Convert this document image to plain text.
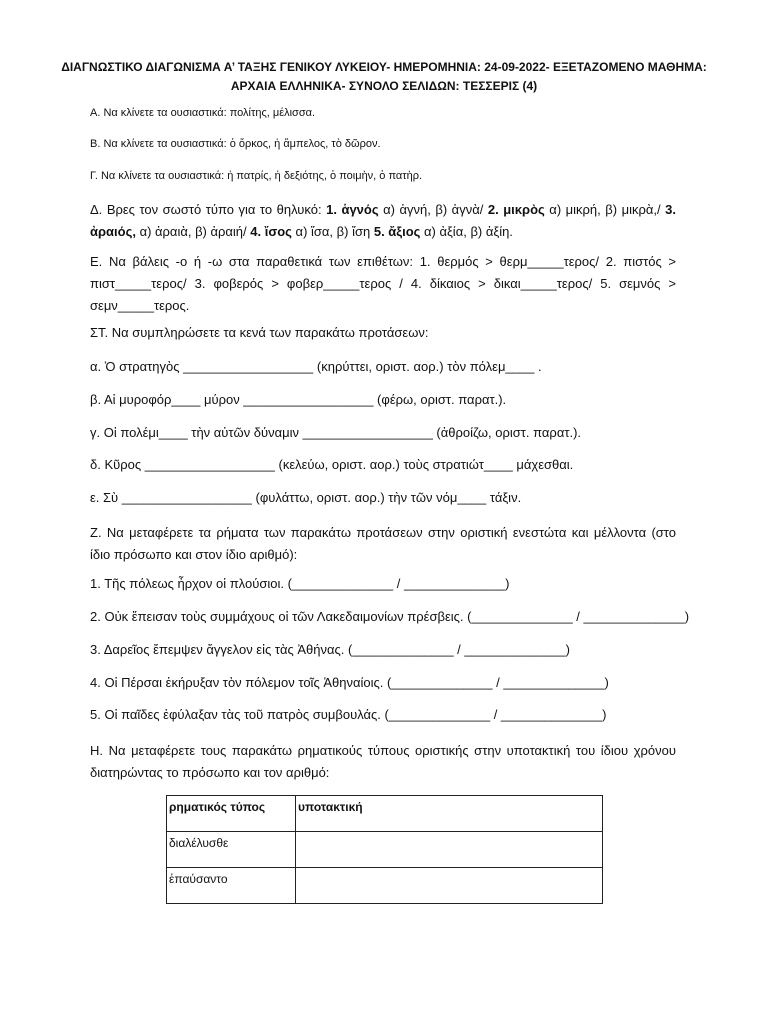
ΔΙΑΓΝΩΣΤΙΚΟ ΔΙΑΓΩΝΙΣΜΑ Α’ ΤΑΞΗΣ ΓΕΝΙΚΟΥ ΛΥΚΕΙΟΥ- ΗΜΕΡΟΜΗΝΙΑ: 24-09-2022- ΕΞΕΤΑΖΟΜΕΝΟ ΜΑΘΗΜΑ:
ΑΡΧΑΙΑ ΕΛΛΗΝΙΚΑ- ΣΥΝΟΛΟ ΣΕΛΙΔΩΝ: ΤΕΣΣΕΡΙΣ (4)
Α. Να κλίνετε τα ουσιαστικά: πολίτης, μέλισσα.
Β. Να κλίνετε τα ουσιαστικά: ὁ ὅρκος, ἡ ἄμπελος, τὸ δῶρον.
Γ. Να κλίνετε τα ουσιαστικά: ἡ πατρίς, ἡ δεξιότης, ὁ ποιμὴν, ὁ πατὴρ.
Δ. Βρες τον σωστό τύπο για το θηλυκό: 1. ἁγνός α) ἁγνή, β) ἁγνὰ/ 2. μικρὸς α) μικρή, β) μικρὰ,/ 3. ἀραιός, α) ἀραιὰ, β) ἀραιή/ 4. ἴσος α) ἴσα, β) ἴση 5. ἄξιος α) ἀξία, β) ἀξίη.
Ε. Να βάλεις -ο ή -ω στα παραθετικά των επιθέτων: 1. θερμός > θερμ_____τερος/ 2. πιστός > πιστ_____τερος/ 3. φοβερός > φοβερ_____τερος / 4. δίκαιος > δικαι_____τερος/ 5. σεμνός > σεμν_____τερος.
ΣΤ. Να συμπληρώσετε τα κενά των παρακάτω προτάσεων:
α. Ὁ στρατηγὸς __________________ (κηρύττει, οριστ. αορ.) τὸν πόλεμ____ .
β. Αἱ μυροφόρ____ μύρον __________________ (φέρω, οριστ. παρατ.).
γ. Οἱ πολέμι____ τὴν αὐτῶν δύναμιν __________________ (ἀθροίζω, οριστ. παρατ.).
δ. Κῦρος __________________ (κελεύω, οριστ. αορ.) τοὺς στρατιώτ____ μάχεσθαι.
ε. Σὺ __________________ (φυλάττω, οριστ. αορ.) τὴν τῶν νόμ____ τάξιν.
Ζ. Να μεταφέρετε τα ρήματα των παρακάτω προτάσεων στην οριστική ενεστώτα και μέλλοντα (στο ίδιο πρόσωπο και στον ίδιο αριθμό):
1. Τῆς πόλεως ἦρχον οἱ πλούσιοι. (______________ / ______________)
2. Οὐκ ἔπεισαν τοὺς συμμάχους οἱ τῶν Λακεδαιμονίων πρέσβεις. (______________ / ______________)
3. Δαρεῖος ἔπεμψεν ἄγγελον εἰς τὰς Ἀθήνας. (______________ / ______________)
4. Οἱ Πέρσαι ἐκήρυξαν τὸν πόλεμον τοῖς Ἀθηναίοις. (______________ / ______________)
5. Οἱ παῖδες ἐφύλαξαν τὰς τοῦ πατρὸς συμβουλάς. (______________ / ______________)
Η. Να μεταφέρετε τους παρακάτω ρηματικούς τύπους οριστικής στην υποτακτική του ίδιου χρόνου διατηρώντας το πρόσωπο και τον αριθμό:
ρηματικός τύπος	υποτακτική
διαλέλυσθε	
ἐπαύσαντο	
